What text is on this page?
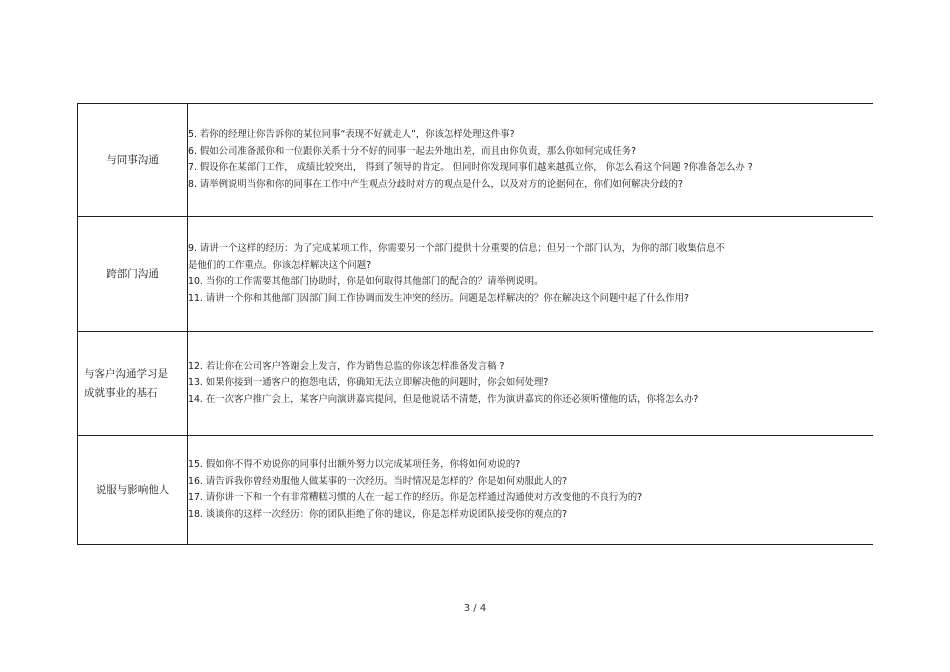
与同事沟通	5. 若你的经理让你告诉你的某位同事“表现不好就走人”，你该怎样处理这件事?
6. 假如公司准备派你和一位跟你关系十分不好的同事一起去外地出差，而且由你负责，那么你如何完成任务?
7. 假设你在某部门工作， 成绩比较突出， 得到了领导的肯定。 但同时你发现同事们越来越孤立你， 你怎么看这个问题 ?你准备怎么办 ?
8. 请举例说明当你和你的同事在工作中产生观点分歧时对方的观点是什么，以及对方的论据何在，你们如何解决分歧的?

跨部门沟通	9. 请讲一个这样的经历：为了完成某项工作，你需要另一个部门提供十分重要的信息；但另一个部门认为，为你的部门收集信息不
是他们的工作重点。你该怎样解决这个问题?
10. 当你的工作需要其他部门协助时，你是如何取得其他部门的配合的？请举例说明。
11. 请讲一个你和其他部门因部门间工作协调而发生冲突的经历。问题是怎样解决的？你在解决这个问题中起了什么作用?

与客户沟通学习是
成就事业的基石	12. 若让你在公司客户答谢会上发言，作为销售总监的你该怎样准备发言稿 ?
13. 如果你接到一通客户的抱怨电话，你确知无法立即解决他的问题时，你会如何处理?
14. 在一次客户推广会上，某客户向演讲嘉宾提问，但是他说话不清楚，作为演讲嘉宾的你还必须听懂他的话，你将怎么办?

说服与影响他人	15. 假如你不得不劝说你的同事付出额外努力以完成某项任务，你将如何劝说的?
16. 请告诉我你曾经劝服他人做某事的一次经历。当时情况是怎样的？你是如何劝服此人的?
17. 请你讲一下和一个有非常糟糕习惯的人在一起工作的经历。你是怎样通过沟通使对方改变他的不良行为的?
18. 谈谈你的这样一次经历：你的团队拒绝了你的建议，你是怎样劝说团队接受你的观点的?
3 / 4
